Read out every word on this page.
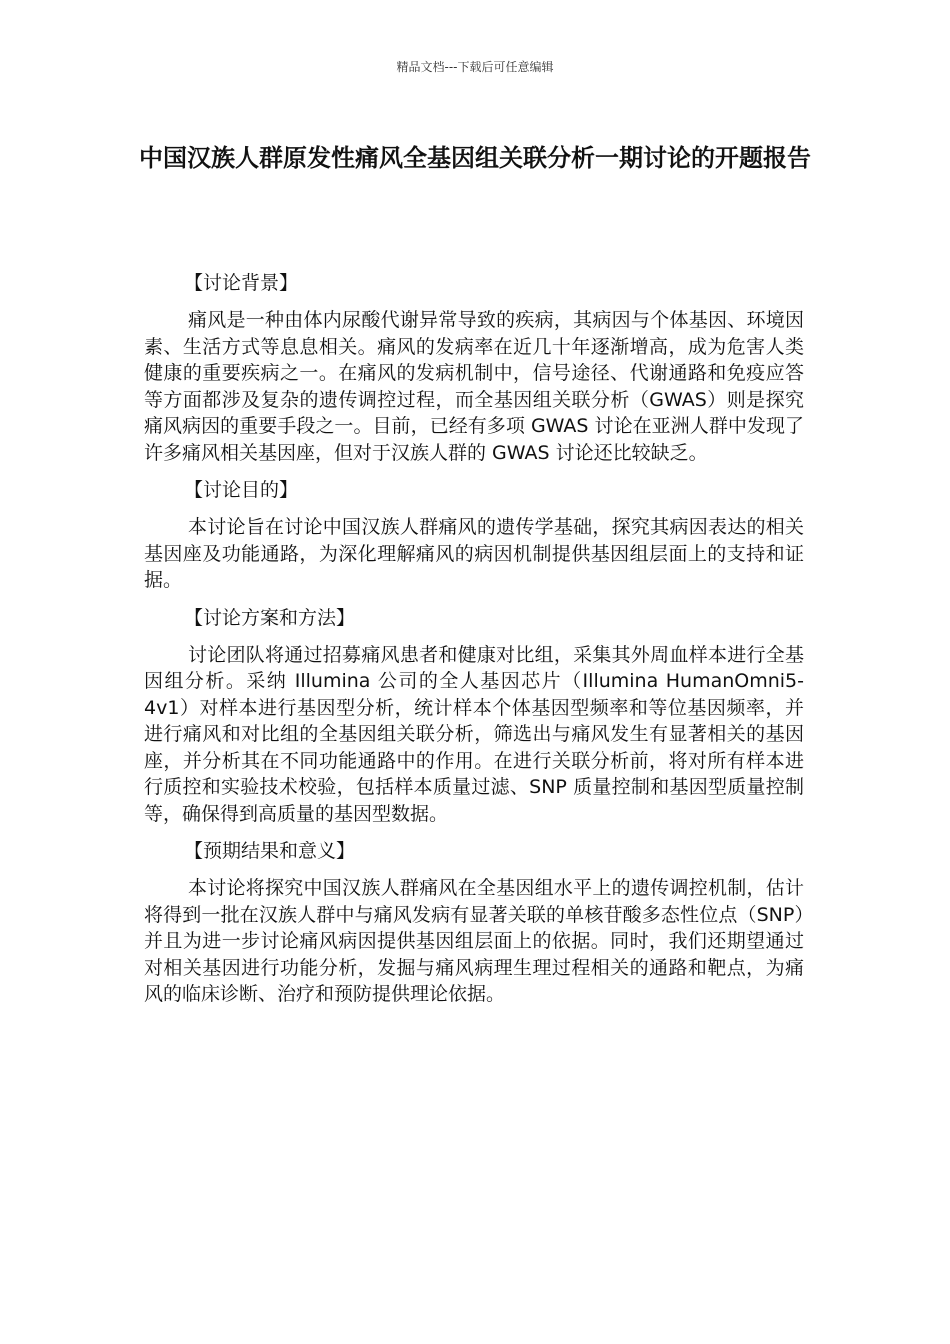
精品文档---下载后可任意编辑
中国汉族人群原发性痛风全基因组关联分析一期讨论的开题报告

【讨论背景】

痛风是一种由体内尿酸代谢异常导致的疾病，其病因与个体基因、环境因素、生活方式等息息相关。痛风的发病率在近几十年逐渐增高，成为危害人类健康的重要疾病之一。在痛风的发病机制中，信号途径、代谢通路和免疫应答等方面都涉及复杂的遗传调控过程，而全基因组关联分析（GWAS）则是探究痛风病因的重要手段之一。目前，已经有多项 GWAS 讨论在亚洲人群中发现了许多痛风相关基因座，但对于汉族人群的 GWAS 讨论还比较缺乏。

【讨论目的】

本讨论旨在讨论中国汉族人群痛风的遗传学基础，探究其病因表达的相关基因座及功能通路，为深化理解痛风的病因机制提供基因组层面上的支持和证据。

【讨论方案和方法】

讨论团队将通过招募痛风患者和健康对比组，采集其外周血样本进行全基因组分析。采纳 Illumina 公司的全人基因芯片（Illumina HumanOmni5-4v1）对样本进行基因型分析，统计样本个体基因型频率和等位基因频率，并进行痛风和对比组的全基因组关联分析，筛选出与痛风发生有显著相关的基因座，并分析其在不同功能通路中的作用。在进行关联分析前，将对所有样本进行质控和实验技术校验，包括样本质量过滤、SNP 质量控制和基因型质量控制等，确保得到高质量的基因型数据。

【预期结果和意义】

本讨论将探究中国汉族人群痛风在全基因组水平上的遗传调控机制，估计将得到一批在汉族人群中与痛风发病有显著关联的单核苷酸多态性位点（SNP）并且为进一步讨论痛风病因提供基因组层面上的依据。同时，我们还期望通过对相关基因进行功能分析，发掘与痛风病理生理过程相关的通路和靶点，为痛风的临床诊断、治疗和预防提供理论依据。
